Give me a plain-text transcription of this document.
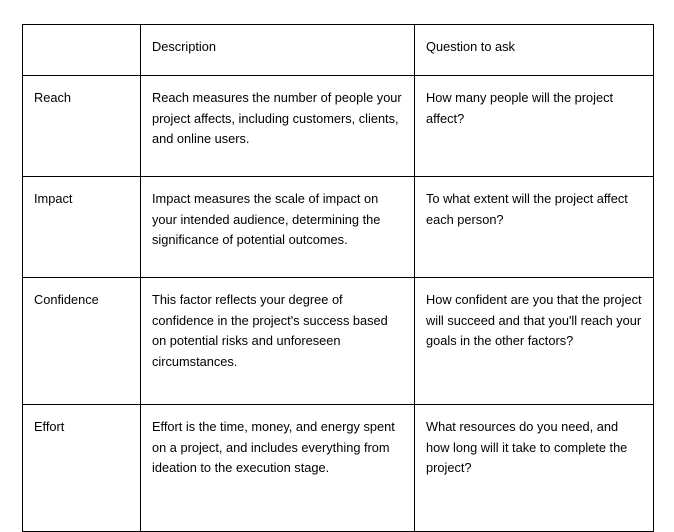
	Description	Question to ask
Reach	Reach measures the number of people your project affects, including customers, clients, and online users.	How many people will the project affect?
Impact	Impact measures the scale of impact on your intended audience, determining the significance of potential outcomes.	To what extent will the project affect each person?
Confidence	This factor reflects your degree of confidence in the project's success based on potential risks and unforeseen circumstances.	How confident are you that the project will succeed and that you'll reach your goals in the other factors?
Effort	Effort is the time, money, and energy spent on a project, and includes everything from ideation to the execution stage.	What resources do you need, and how long will it take to complete the project?
